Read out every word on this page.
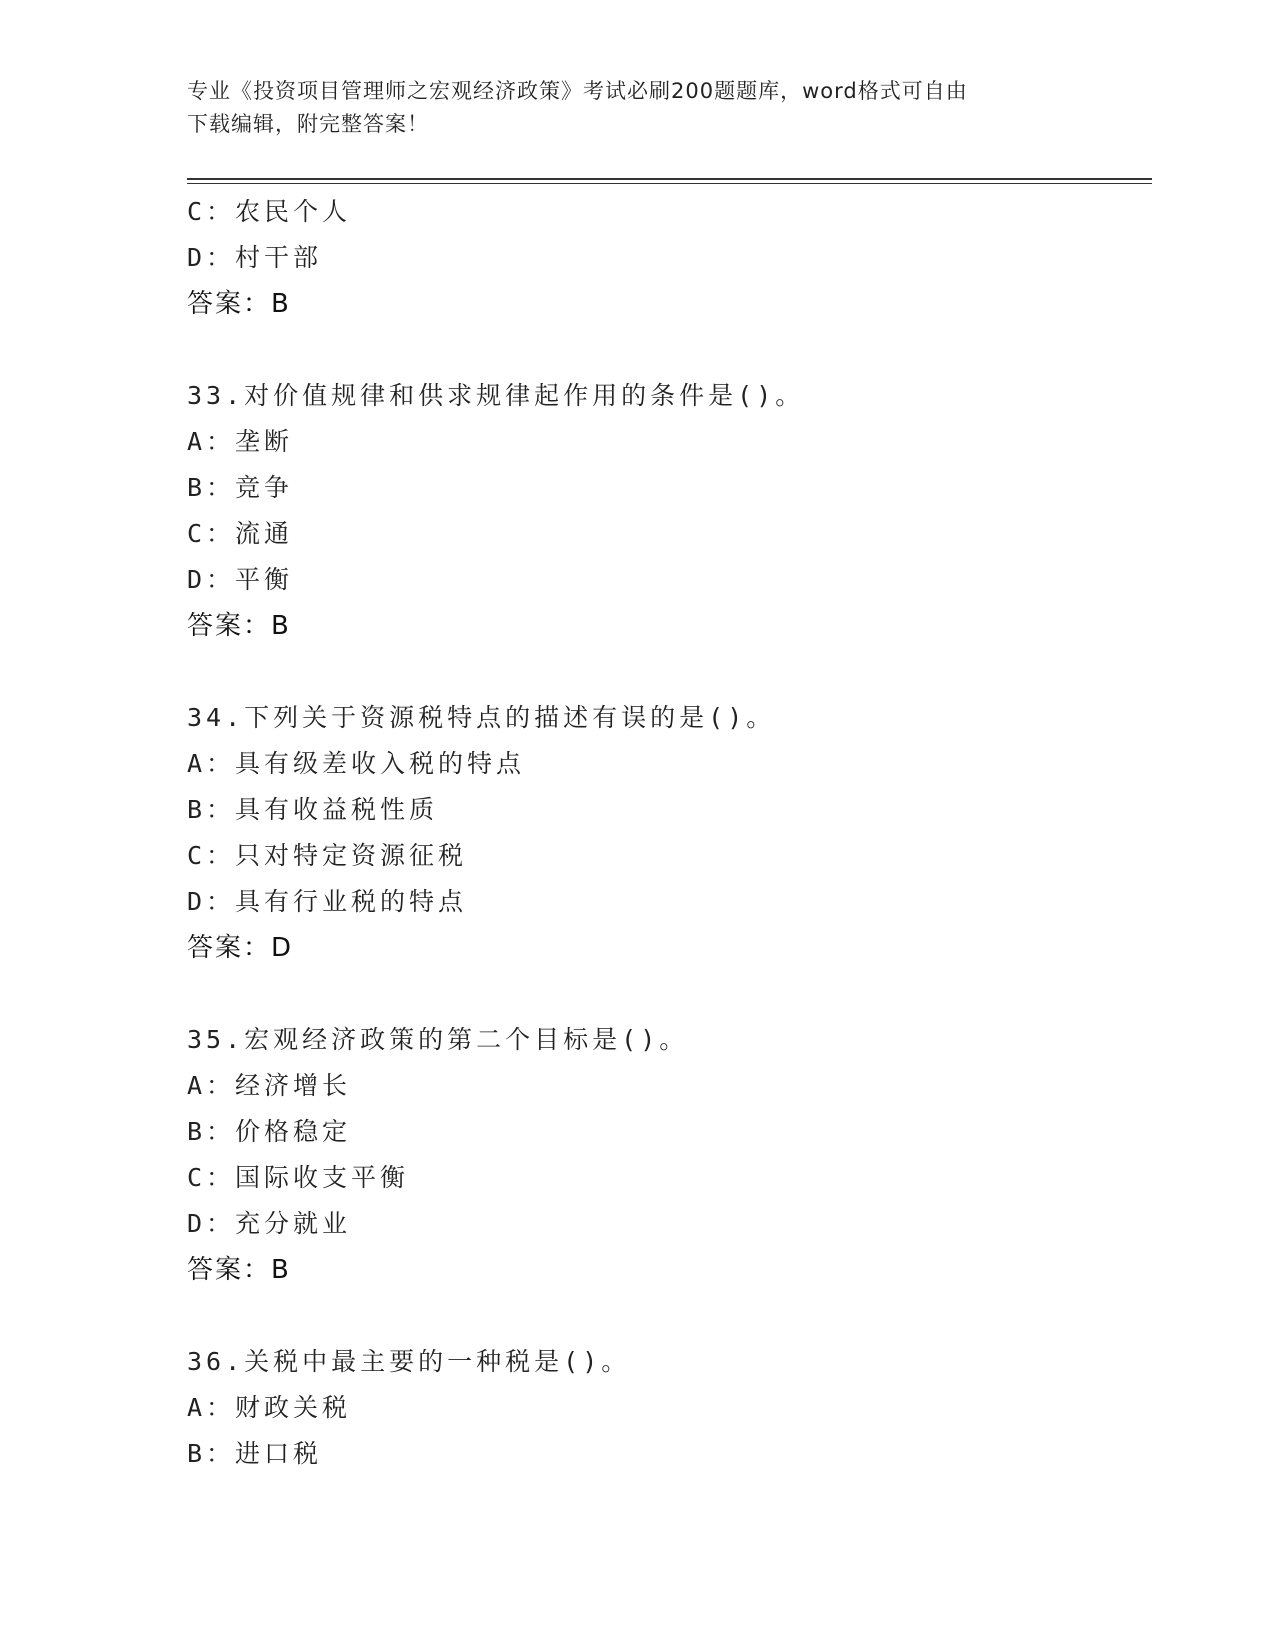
专业《投资项目管理师之宏观经济政策》考试必刷200题题库，word格式可自由
下载编辑，附完整答案！
C：农民个人
D：村干部
答案：B
33.对价值规律和供求规律起作用的条件是()。
A：垄断
B：竞争
C：流通
D：平衡
答案：B
34.下列关于资源税特点的描述有误的是()。
A：具有级差收入税的特点
B：具有收益税性质
C：只对特定资源征税
D：具有行业税的特点
答案：D
35.宏观经济政策的第二个目标是()。
A：经济增长
B：价格稳定
C：国际收支平衡
D：充分就业
答案：B
36.关税中最主要的一种税是()。
A：财政关税
B：进口税
